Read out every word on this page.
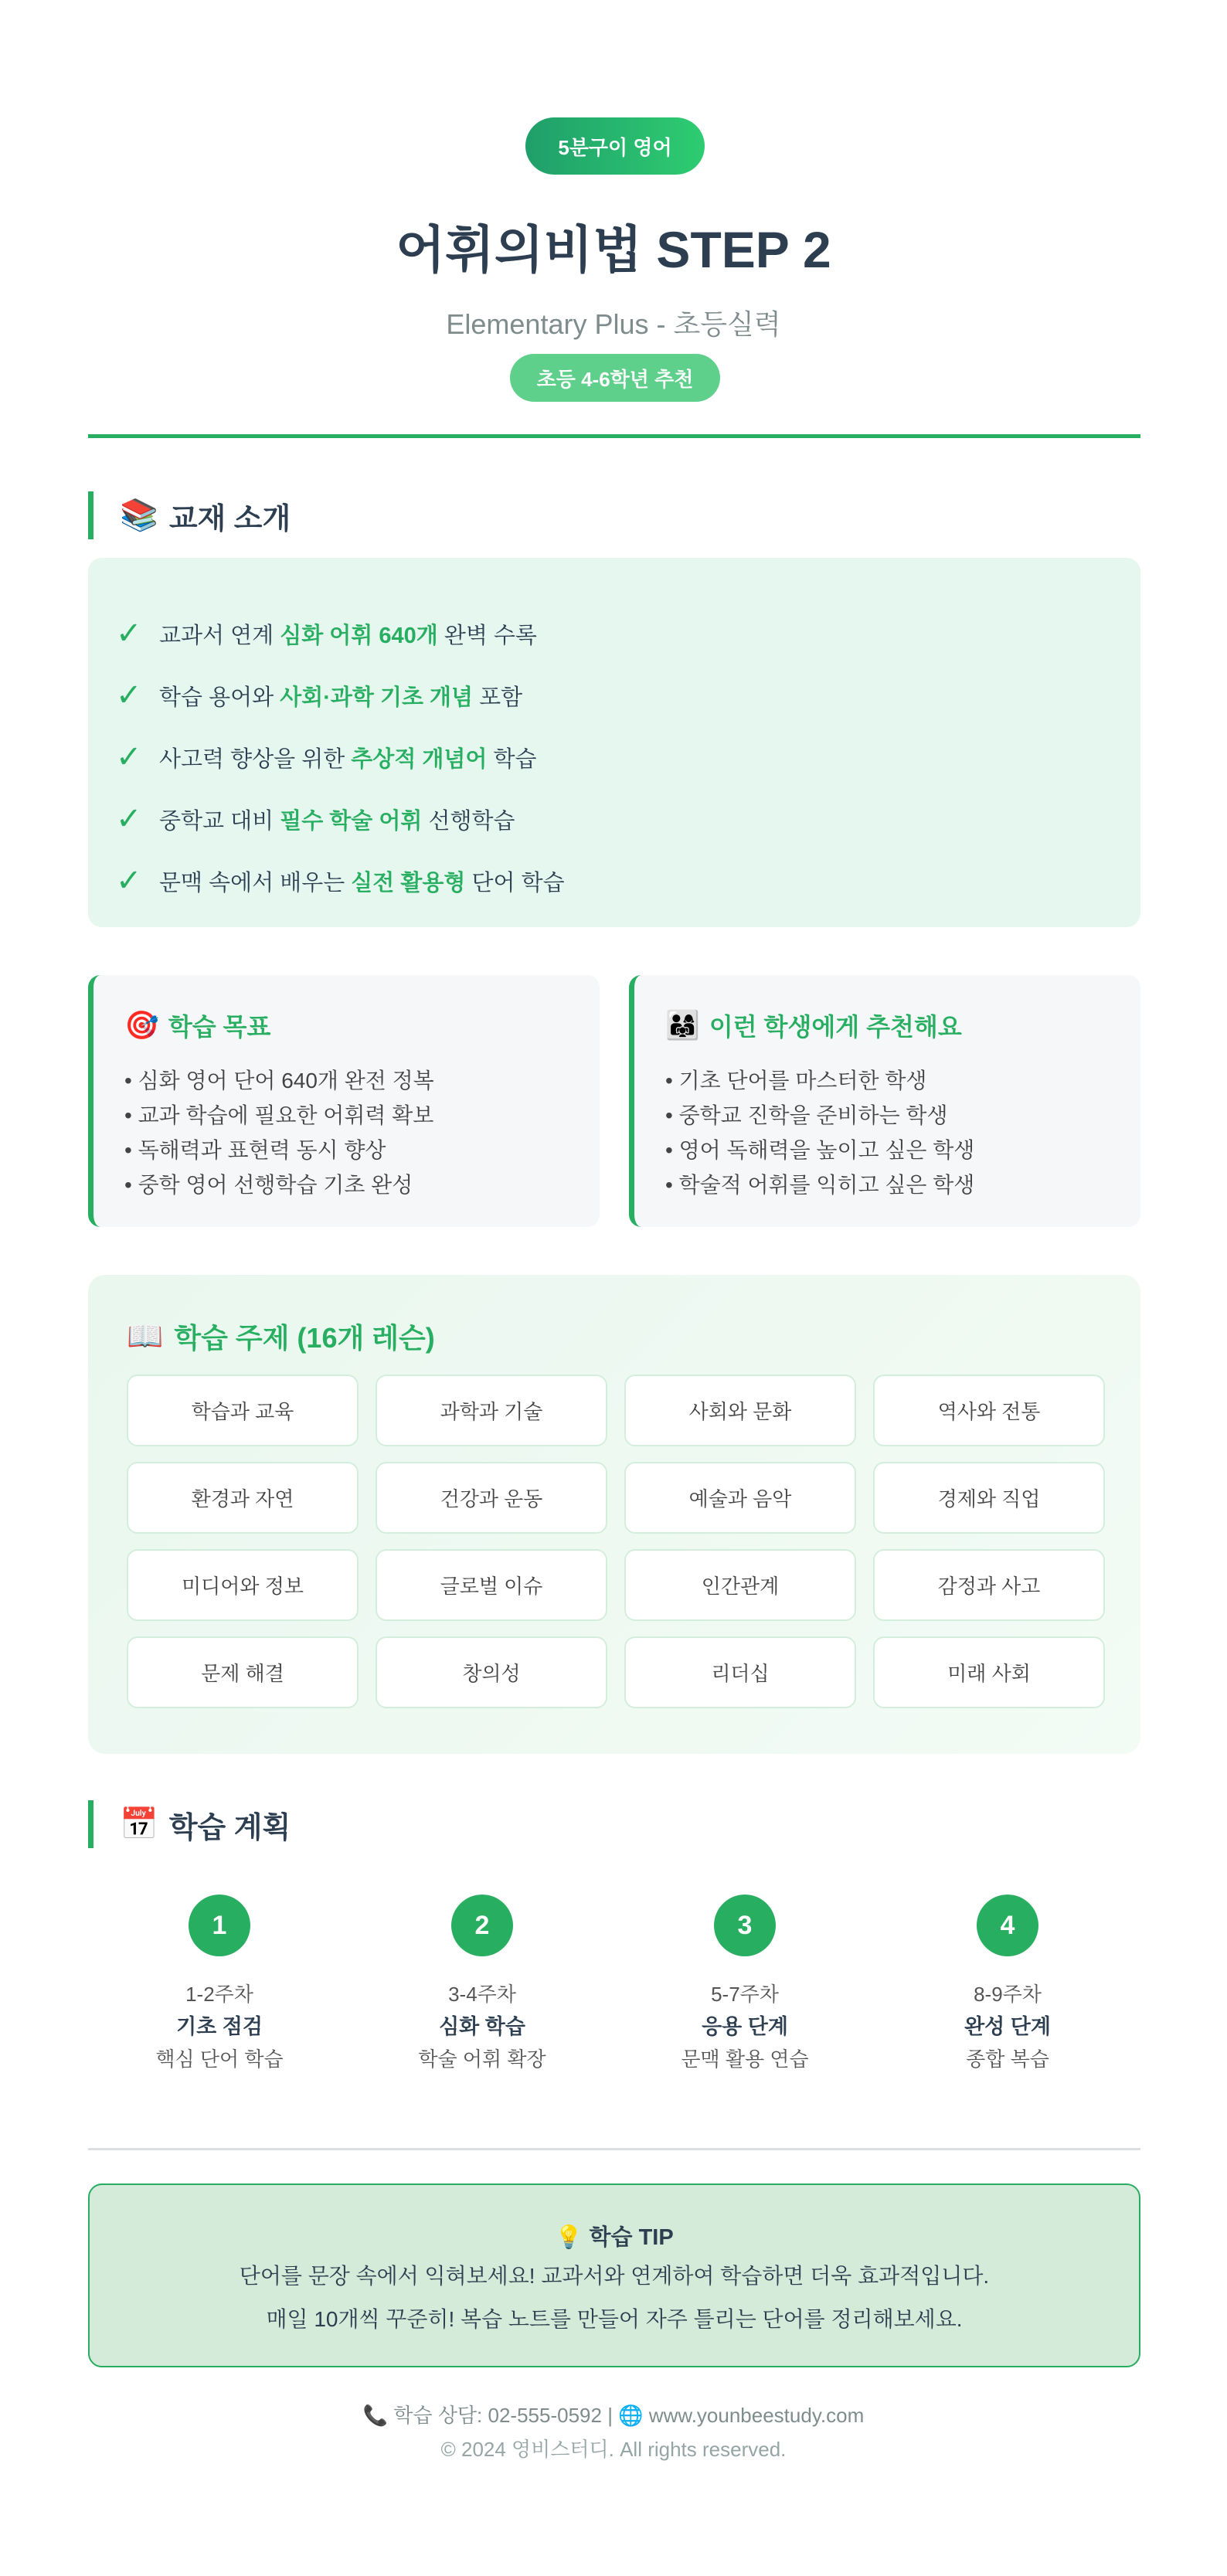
5분구이 영어
어휘의비법 STEP 2
Elementary Plus - 초등실력
초등 4-6학년 추천
📚 교재 소개
✓ 교과서 연계 심화 어휘 640개 완벽 수록
✓ 학습 용어와 사회·과학 기초 개념 포함
✓ 사고력 향상을 위한 추상적 개념어 학습
✓ 중학교 대비 필수 학술 어휘 선행학습
✓ 문맥 속에서 배우는 실전 활용형 단어 학습
🎯 학습 목표
• 심화 영어 단어 640개 완전 정복
• 교과 학습에 필요한 어휘력 확보
• 독해력과 표현력 동시 향상
• 중학 영어 선행학습 기초 완성
👨‍👩‍👧 이런 학생에게 추천해요
• 기초 단어를 마스터한 학생
• 중학교 진학을 준비하는 학생
• 영어 독해력을 높이고 싶은 학생
• 학술적 어휘를 익히고 싶은 학생
📖 학습 주제 (16개 레슨)
학습과 교육	과학과 기술	사회와 문화	역사와 전통
환경과 자연	건강과 운동	예술과 음악	경제와 직업
미디어와 정보	글로벌 이슈	인간관계	감정과 사고
문제 해결	창의성	리더십	미래 사회
📅 학습 계획
1
1-2주차
기초 점검
핵심 단어 학습
2
3-4주차
심화 학습
학술 어휘 확장
3
5-7주차
응용 단계
문맥 활용 연습
4
8-9주차
완성 단계
종합 복습
💡 학습 TIP
단어를 문장 속에서 익혀보세요! 교과서와 연계하여 학습하면 더욱 효과적입니다.
매일 10개씩 꾸준히! 복습 노트를 만들어 자주 틀리는 단어를 정리해보세요.
📞 학습 상담: 02-555-0592 | 🌐 www.younbeestudy.com
© 2024 영비스터디. All rights reserved.
